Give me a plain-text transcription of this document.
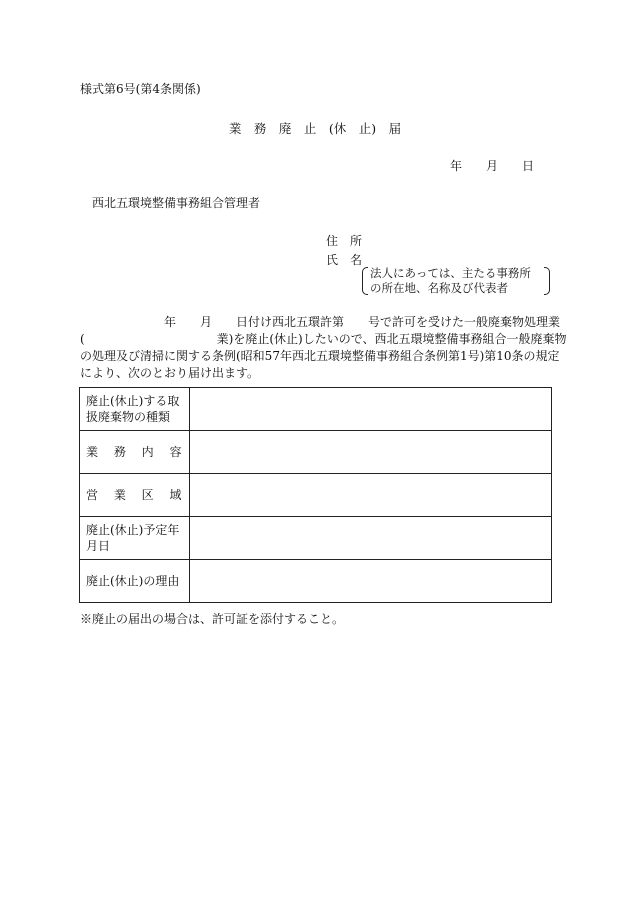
様式第6号(第4条関係)
業　務　廃　止　(休　止)　届
年　　月　　日
西北五環境整備事務組合管理者
住　所
氏　名
法人にあっては、主たる事務所
の所在地、名称及び代表者
　　　　　　　年　　月　　日付け西北五環許第　　号で許可を受けた一般廃棄物処理業
(　　　　　　　　　　　業)を廃止(休止)したいので、西北五環境整備事務組合一般廃棄物
の処理及び清掃に関する条例(昭和57年西北五環境整備事務組合条例第1号)第10条の規定
により、次のとおり届け出ます。
廃止(休止)する取扱廃棄物の種類	
業　 務　 内　 容	
営　 業　 区　 域	
廃止(休止)予定年月日	
廃止(休止)の理由	
※廃止の届出の場合は、許可証を添付すること。
